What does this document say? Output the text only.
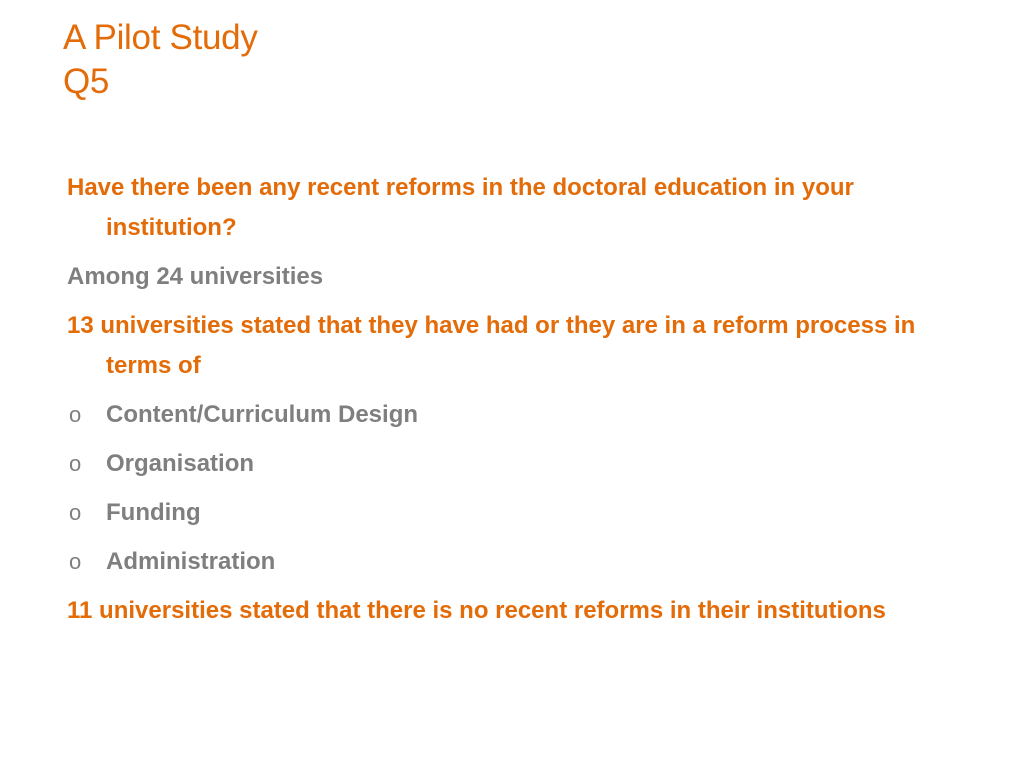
A Pilot Study
Q5

Have there been any recent reforms in the doctoral education in your institution?

Among 24 universities

13 universities stated that they have had or they are in a reform process in terms of

o Content/Curriculum Design
o Organisation
o Funding
o Administration

11 universities stated that there is no recent reforms in their institutions
